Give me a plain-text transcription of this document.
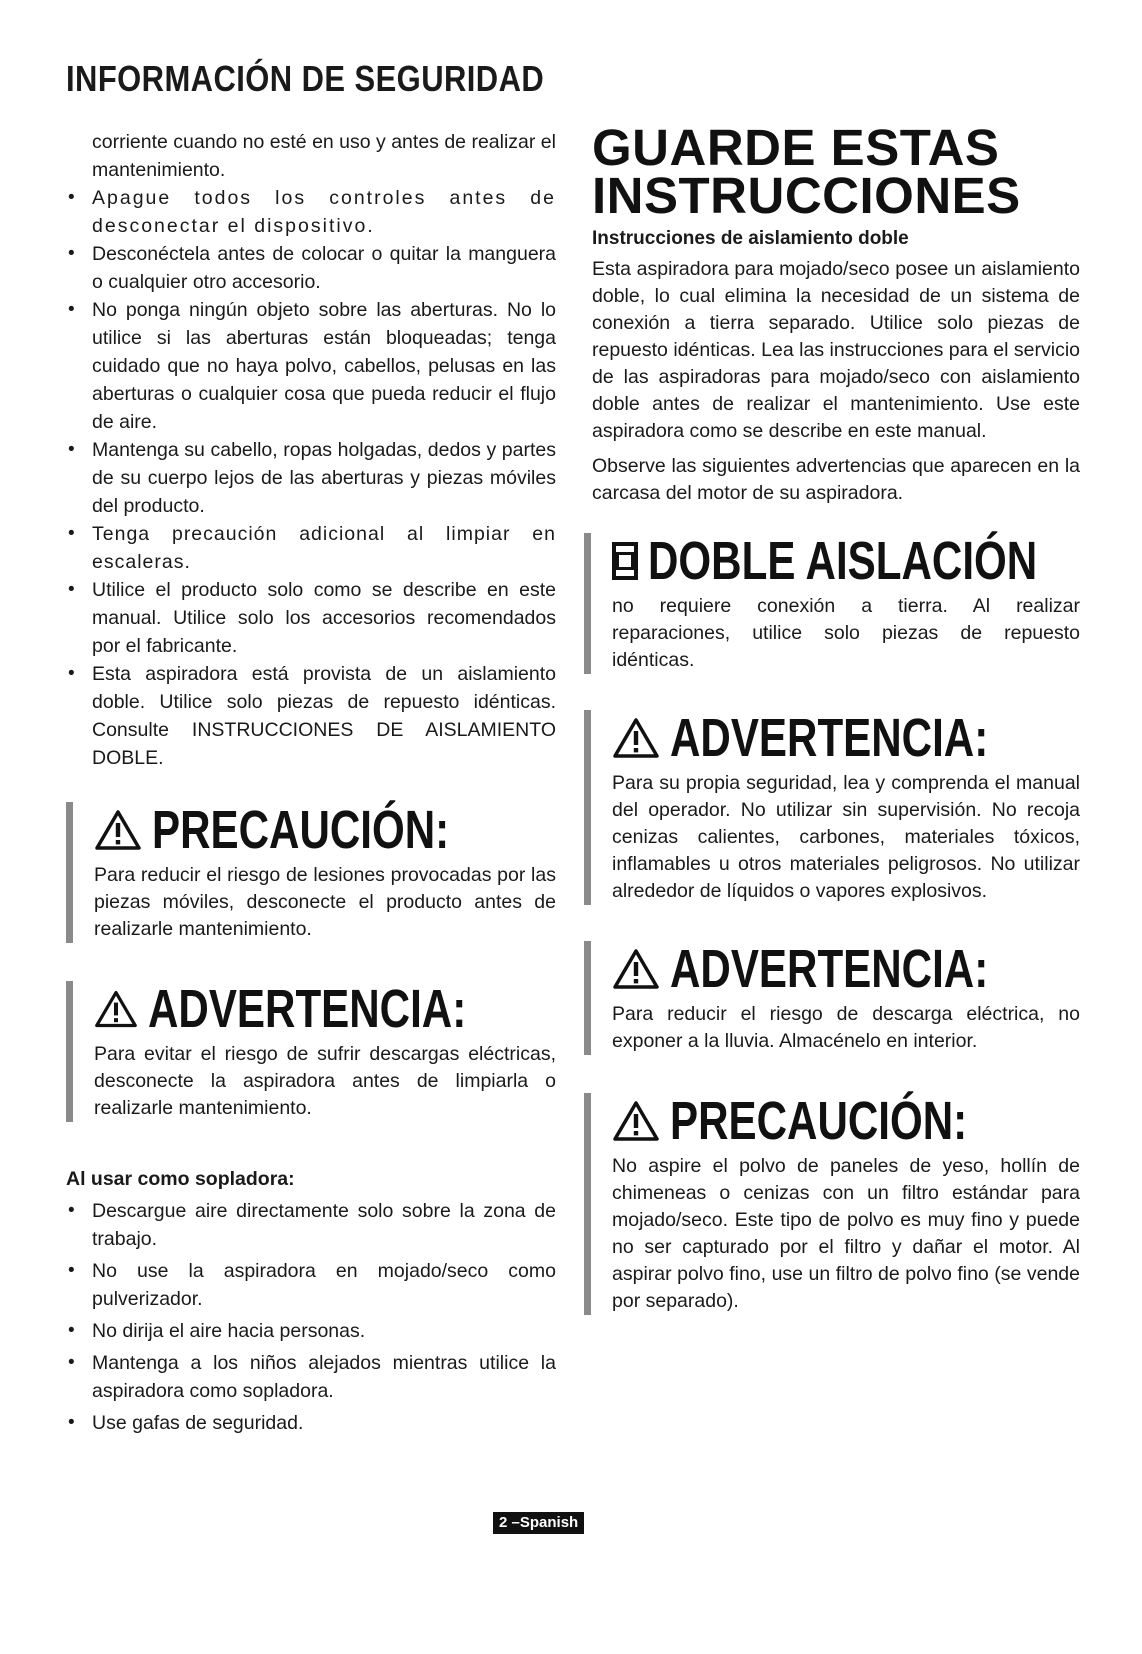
INFORMACIÓN DE SEGURIDAD
corriente cuando no esté en uso y antes de realizar el mantenimiento.
• Apague todos los controles antes de desconectar el dispositivo.
• Desconéctela antes de colocar o quitar la manguera o cualquier otro accesorio.
• No ponga ningún objeto sobre las aberturas. No lo utilice si las aberturas están bloqueadas; tenga cuidado que no haya polvo, cabellos, pelusas en las aberturas o cualquier cosa que pueda reducir el flujo de aire.
• Mantenga su cabello, ropas holgadas, dedos y partes de su cuerpo lejos de las aberturas y piezas móviles del producto.
• Tenga precaución adicional al limpiar en escaleras.
• Utilice el producto solo como se describe en este manual. Utilice solo los accesorios recomendados por el fabricante.
• Esta aspiradora está provista de un aislamiento doble. Utilice solo piezas de repuesto idénticas. Consulte INSTRUCCIONES DE AISLAMIENTO DOBLE.
PRECAUCIÓN:
Para reducir el riesgo de lesiones provocadas por las piezas móviles, desconecte el producto antes de realizarle mantenimiento.
ADVERTENCIA:
Para evitar el riesgo de sufrir descargas eléctricas, desconecte la aspiradora antes de limpiarla o realizarle mantenimiento.
Al usar como sopladora:
• Descargue aire directamente solo sobre la zona de trabajo.
• No use la aspiradora en mojado/seco como pulverizador.
• No dirija el aire hacia personas.
• Mantenga a los niños alejados mientras utilice la aspiradora como sopladora.
• Use gafas de seguridad.
GUARDE ESTAS
INSTRUCCIONES
Instrucciones de aislamiento doble
Esta aspiradora para mojado/seco posee un aislamiento doble, lo cual elimina la necesidad de un sistema de conexión a tierra separado. Utilice solo piezas de repuesto idénticas. Lea las instrucciones para el servicio de las aspiradoras para mojado/seco con aislamiento doble antes de realizar el mantenimiento. Use este aspiradora como se describe en este manual.
Observe las siguientes advertencias que aparecen en la carcasa del motor de su aspiradora.
DOBLE AISLACIÓN
no requiere conexión a tierra. Al realizar reparaciones, utilice solo piezas de repuesto idénticas.
ADVERTENCIA:
Para su propia seguridad, lea y comprenda el manual del operador. No utilizar sin supervisión. No recoja cenizas calientes, carbones, materiales tóxicos, inflamables u otros materiales peligrosos. No utilizar alrededor de líquidos o vapores explosivos.
ADVERTENCIA:
Para reducir el riesgo de descarga eléctrica, no exponer a la lluvia. Almacénelo en interior.
PRECAUCIÓN:
No aspire el polvo de paneles de yeso, hollín de chimeneas o cenizas con un filtro estándar para mojado/seco. Este tipo de polvo es muy fino y puede no ser capturado por el filtro y dañar el motor. Al aspirar polvo fino, use un filtro de polvo fino (se vende por separado).
2 –Spanish
